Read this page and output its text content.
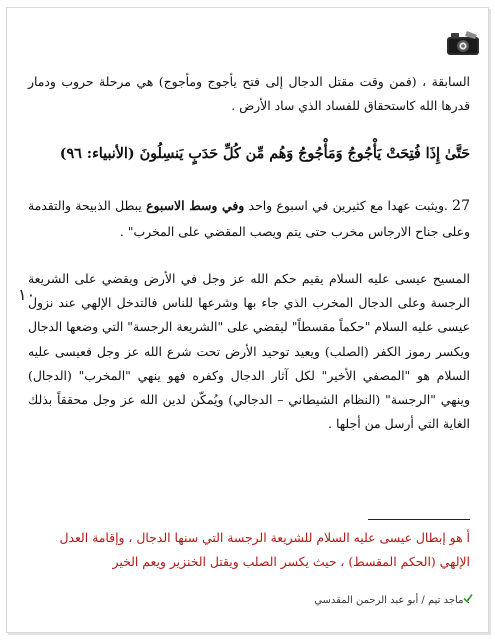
السابقة ، (فمن وقت مقتل الدجال إلى فتح يأجوج ومأجوج) هي مرحلة حروب ودمار قدرها الله كاستحقاق للفساد الذي ساد الأرض .
حَتَّىٰ إِذَا فُتِحَتْ يَأْجُوجُ وَمَأْجُوجُ وَهُم مِّن كُلِّ حَدَبٍ يَنسِلُونَ (الأنبياء: ٩٦)
27 .ويثبت عهدا مع كثيرين في اسبوع واحد وفي وسط الاسبوع يبطل الذبيحة والتقدمة وعلى جناح الارجاس مخرب حتى يتم ويصب المقضي على المخرب" .
المسيح عيسى عليه السلام يقيم حكم الله عز وجل في الأرض ويقضي على الشريعة الرجسة وعلى الدجال المخرب الذي جاء بها وشرعها للناس فالتدخل الإلهي عند نزول عيسى عليه السلام "حكماً مقسطاً" ليقضي على "الشريعة الرجسة" التي وضعها الدجال ويكسر رموز الكفر (الصلب) ويعيد توحيد الأرض تحت شرع الله عز وجل فعيسى عليه السلام هو "المصفي الأخير" لكل آثار الدجال وكفره فهو ينهي "المخرب" (الدجال) وينهي "الرجسة" (النظام الشيطاني – الدجالي) ويُمكّن لدين الله عز وجل محققاً بذلك الغاية التي أرسل من أجلها .
١٠
أ هو إبطال عيسى عليه السلام للشريعة الرجسة التي سنها الدجال ، وإقامة العدل الإلهي (الحكم المقسط) ، حيث يكسر الصلب ويقتل الخنزير ويعم الخير
: ماجد تيم / أبو عبد الرحمن المقدسي
